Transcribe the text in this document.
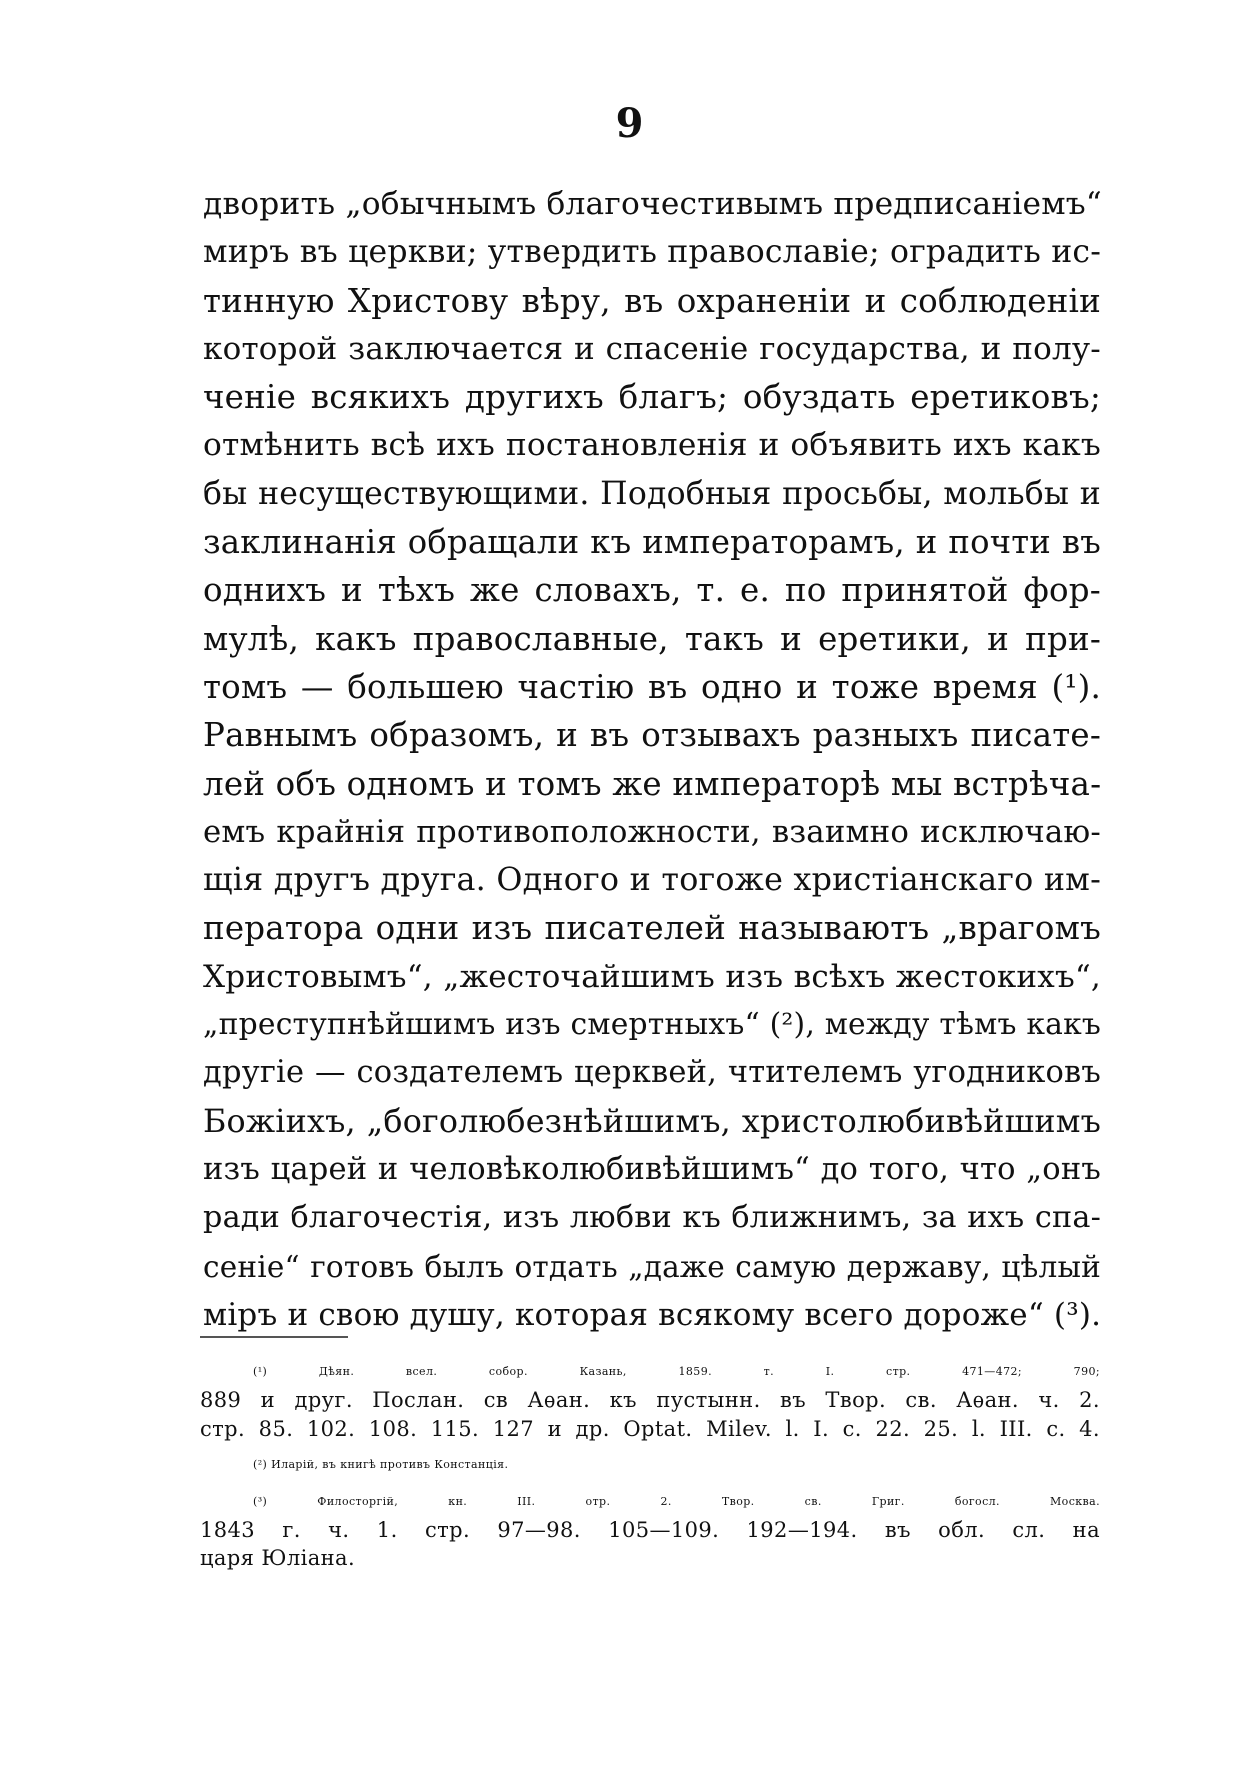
9
дворить „обычнымъ благочестивымъ предписаніемъ“
миръ въ церкви; утвердить православіе; оградить ис-
тинную Христову вѣру, въ охраненіи и соблюденіи
которой заключается и спасеніе государства, и полу-
ченіе всякихъ другихъ благъ; обуздать еретиковъ;
отмѣнить всѣ ихъ постановленія и объявить ихъ какъ
бы несуществующими. Подобныя просьбы, мольбы и
заклинанія обращали къ императорамъ, и почти въ
однихъ и тѣхъ же словахъ, т. е. по принятой фор-
мулѣ, какъ православные, такъ и еретики, и при-
томъ — большею частію въ одно и тоже время (¹).
Равнымъ образомъ, и въ отзывахъ разныхъ писате-
лей объ одномъ и томъ же императорѣ мы встрѣча-
емъ крайнія противоположности, взаимно исключаю-
щія другъ друга. Одного и тогоже христіанскаго им-
ператора одни изъ писателей называютъ „врагомъ
Христовымъ“, „жесточайшимъ изъ всѣхъ жестокихъ“,
„преступнѣйшимъ изъ смертныхъ“ (²), между тѣмъ какъ
другіе — создателемъ церквей, чтителемъ угодниковъ
Божіихъ, „боголюбезнѣйшимъ, христолюбивѣйшимъ
изъ царей и человѣколюбивѣйшимъ“ до того, что „онъ
ради благочестія, изъ любви къ ближнимъ, за ихъ спа-
сеніе“ готовъ былъ отдать „даже самую державу, цѣлый
міръ и свою душу, которая всякому всего дороже“ (³).
(¹) Дѣян. всел. собор. Казань, 1859. т. I. стр. 471—472; 790;
889 и друг. Послан. св Аѳан. къ пустынн. въ Твор. св. Аѳан. ч. 2.
стр. 85. 102. 108. 115. 127 и др. Optat. Milev. l. I. c. 22. 25. l. III. c. 4.
(²) Иларій, въ книгѣ противъ Констанція.
(³) Филосторгій, кн. III. отр. 2. Твор. св. Григ. богосл. Москва.
1843 г. ч. 1. стр. 97—98. 105—109. 192—194. въ обл. сл. на
царя Юліана.
